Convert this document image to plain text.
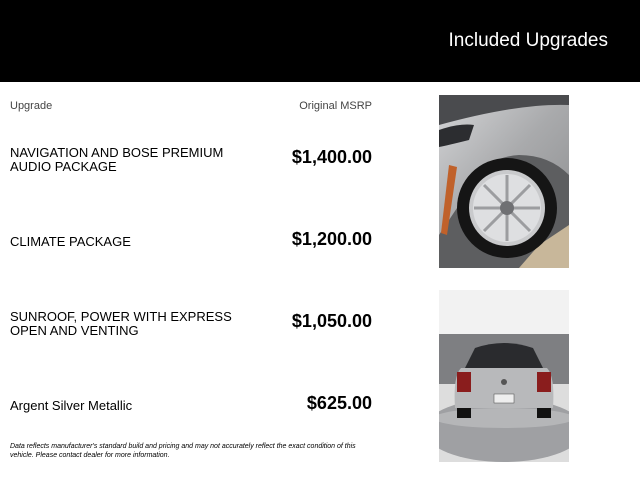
Included Upgrades
Upgrade	Original MSRP
NAVIGATION AND BOSE PREMIUM AUDIO PACKAGE	$1,400.00
CLIMATE PACKAGE	$1,200.00
SUNROOF, POWER WITH EXPRESS OPEN AND VENTING	$1,050.00
Argent Silver Metallic	$625.00
Data reflects manufacturer's standard build and pricing and may not accurately reflect the exact condition of this vehicle. Please contact dealer for more information.
